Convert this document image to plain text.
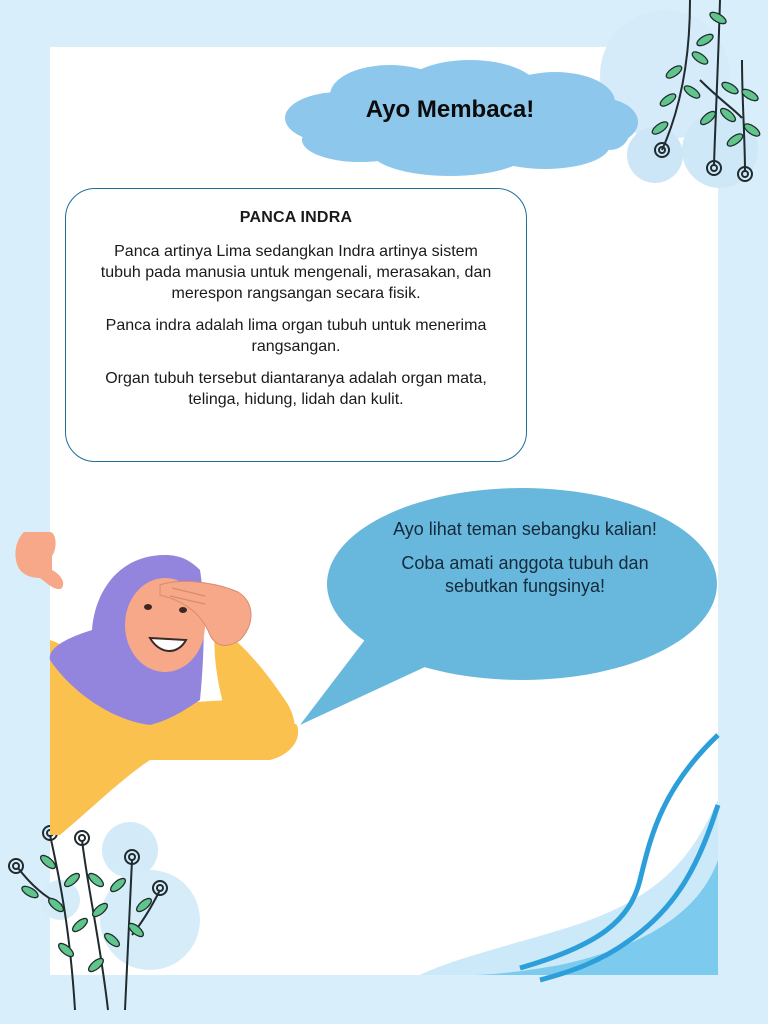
Ayo Membaca!

PANCA INDRA

Panca artinya Lima sedangkan Indra artinya sistem tubuh pada manusia untuk mengenali, merasakan, dan merespon rangsangan secara fisik.

Panca indra adalah lima organ tubuh untuk menerima rangsangan.

Organ tubuh tersebut diantaranya adalah organ mata, telinga, hidung, lidah dan kulit.

Ayo lihat teman sebangku kalian!

Coba amati anggota tubuh dan sebutkan fungsinya!
